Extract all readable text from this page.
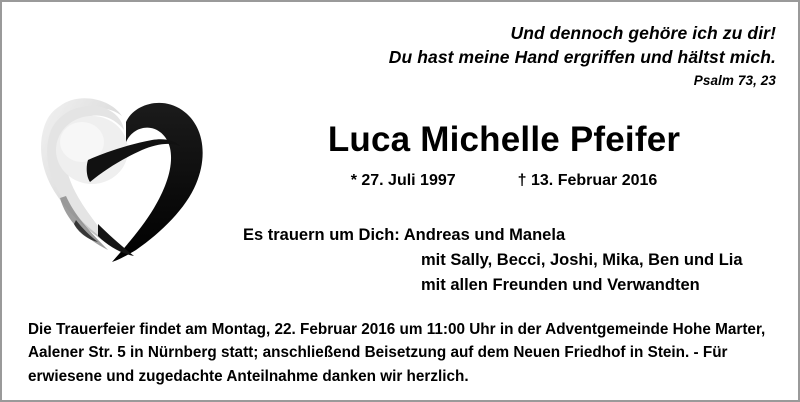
Und dennoch gehöre ich zu dir!
Du hast meine Hand ergriffen und hältst mich.
Psalm 73, 23
Luca Michelle Pfeifer
* 27. Juli 1997	† 13. Februar 2016
Es trauern um Dich: Andreas und Manela
mit Sally, Becci, Joshi, Mika, Ben und Lia
mit allen Freunden und Verwandten
Die Trauerfeier findet am Montag, 22. Februar 2016 um 11:00 Uhr in der Adventgemeinde Hohe Marter, Aalener Str. 5 in Nürnberg statt; anschließend Beisetzung auf dem Neuen Friedhof in Stein. - Für erwiesene und zugedachte Anteilnahme danken wir herzlich.
